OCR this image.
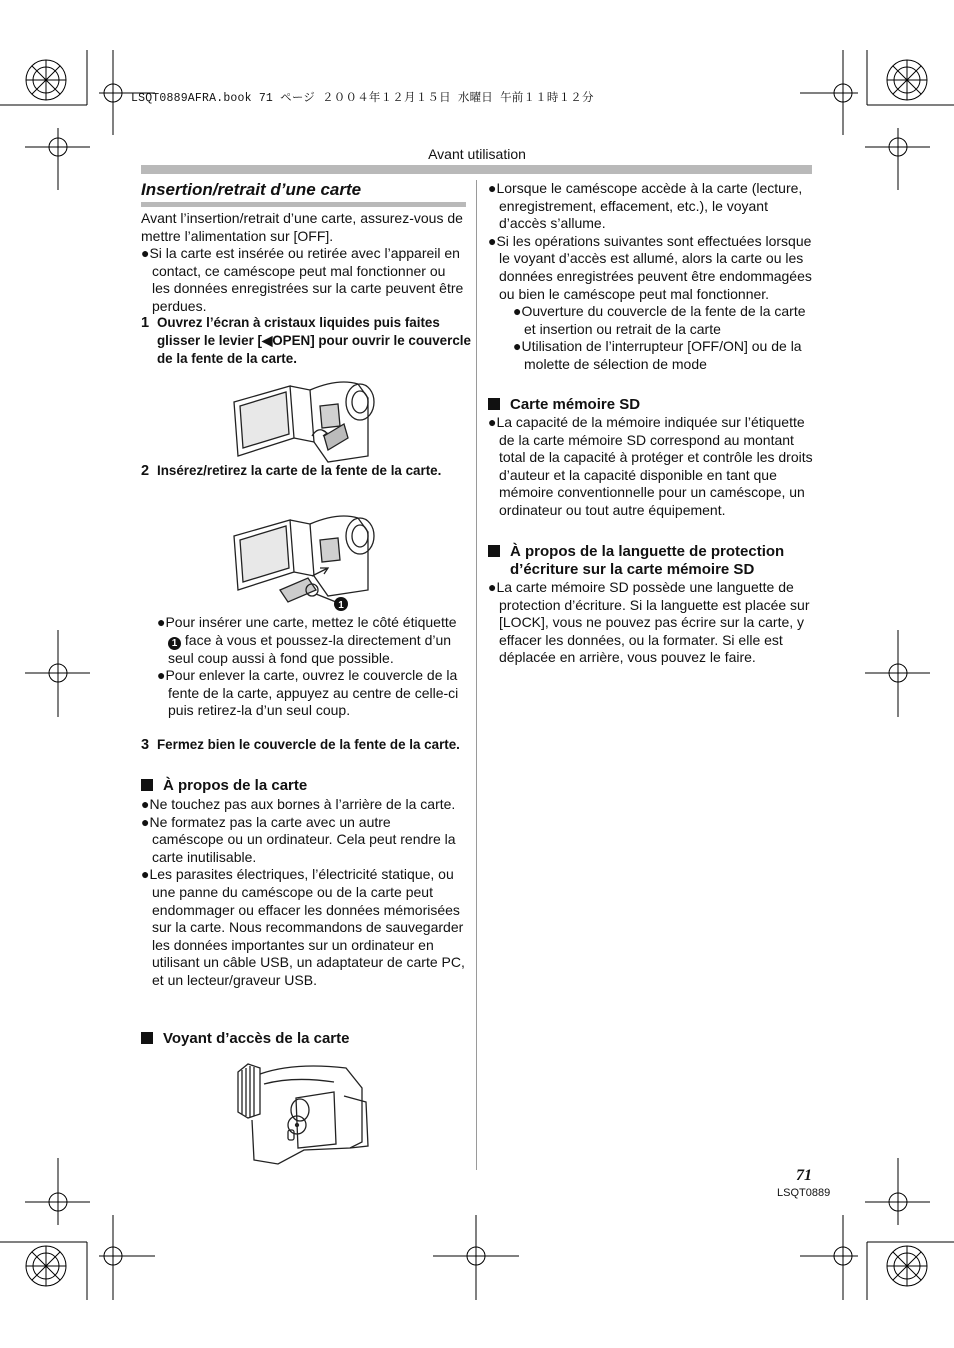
LSQT0889AFRA.book 71 ページ ２００４年１２月１５日 水曜日 午前１１時１２分
Avant utilisation
Insertion/retrait d’une carte

Avant l’insertion/retrait d’une carte, assurez-vous de mettre l’alimentation sur [OFF].

●Si la carte est insérée ou retirée avec l’appareil en contact, ce caméscope peut mal fonctionner ou les données enregistrées sur la carte peuvent être perdues.

1 Ouvrez l’écran à cristaux liquides puis faites glisser le levier [◀OPEN] pour ouvrir le couvercle de la fente de la carte.
2 Insérez/retirez la carte de la fente de la carte.
1

●Pour insérer une carte, mettez le côté étiquette 1 face à vous et poussez-la directement d’un seul coup aussi à fond que possible.

●Pour enlever la carte, ouvrez le couvercle de la fente de la carte, appuyez au centre de celle-ci puis retirez-la d’un seul coup.

3 Fermez bien le couvercle de la fente de la carte.
À propos de la carte

●Ne touchez pas aux bornes à l’arrière de la carte.

●Ne formatez pas la carte avec un autre caméscope ou un ordinateur. Cela peut rendre la carte inutilisable.

●Les parasites électriques, l’électricité statique, ou une panne du caméscope ou de la carte peut endommager ou effacer les données mémorisées sur la carte. Nous recommandons de sauvegarder les données importantes sur un ordinateur en utilisant un câble USB, un adaptateur de carte PC, et un lecteur/graveur USB.

Voyant d’accès de la carte

●Lorsque le caméscope accède à la carte (lecture, enregistrement, effacement, etc.), le voyant d’accès s’allume.

●Si les opérations suivantes sont effectuées lorsque le voyant d’accès est allumé, alors la carte ou les données enregistrées peuvent être endommagées ou bien le caméscope peut mal fonctionner.

●Ouverture du couvercle de la fente de la carte et insertion ou retrait de la carte

●Utilisation de l’interrupteur [OFF/ON] ou de la molette de sélection de mode

Carte mémoire SD

●La capacité de la mémoire indiquée sur l’étiquette de la carte mémoire SD correspond au montant total de la capacité à protéger et contrôle les droits d’auteur et la capacité disponible en tant que mémoire conventionnelle pour un caméscope, un ordinateur ou tout autre équipement.

À propos de la languette de protection d’écriture sur la carte mémoire SD

●La carte mémoire SD possède une languette de protection d’écriture. Si la languette est placée sur [LOCK], vous ne pouvez pas écrire sur la carte, y effacer les données, ou la formater. Si elle est déplacée en arrière, vous pouvez le faire.

71
LSQT0889
